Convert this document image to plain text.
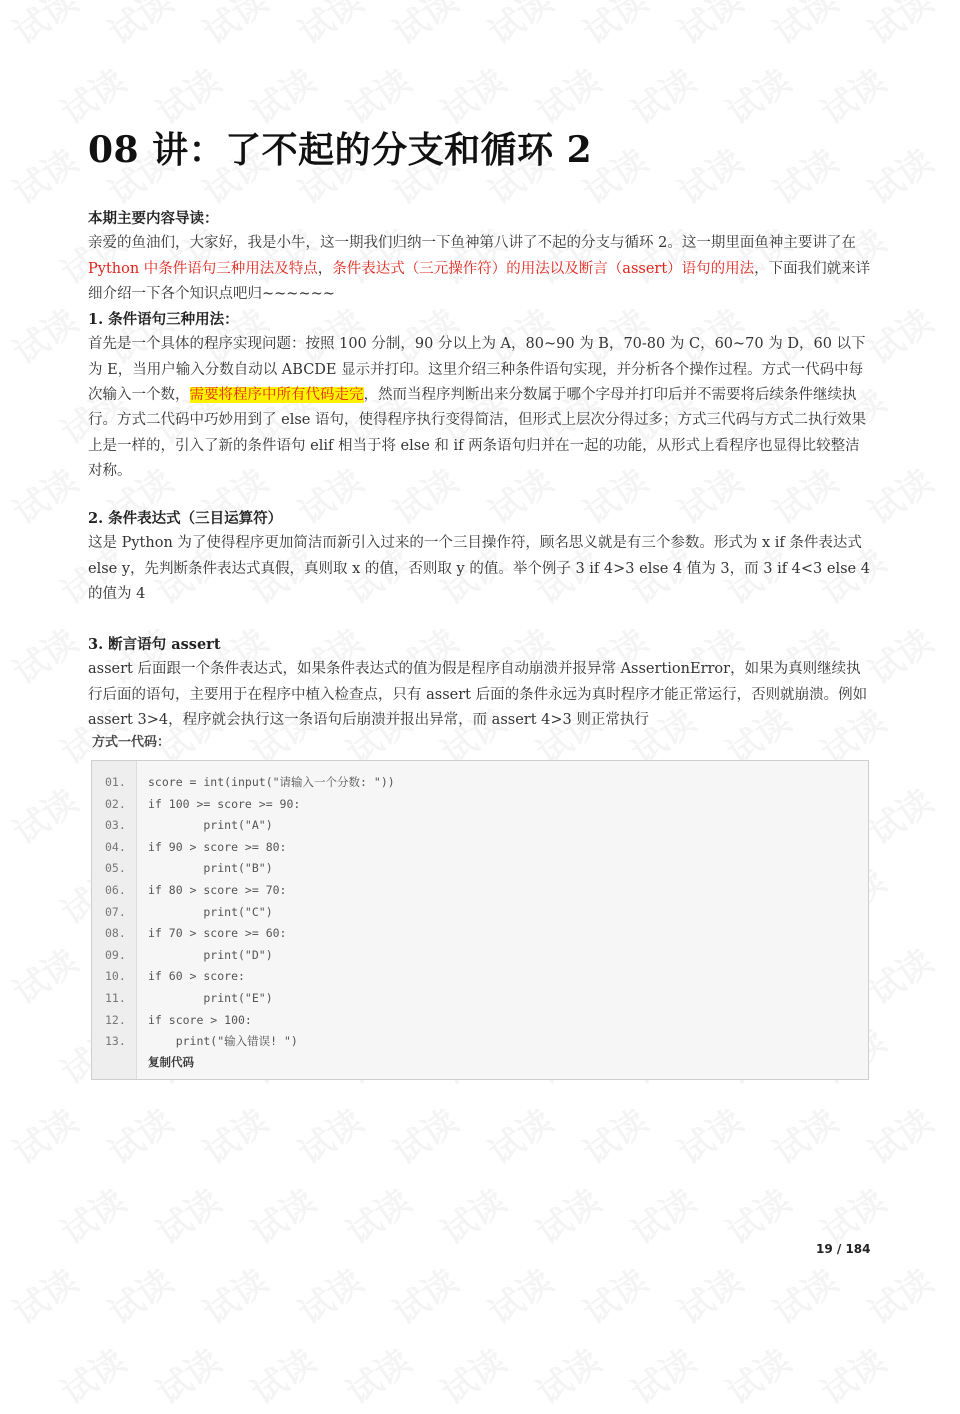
08 讲：了不起的分支和循环 2
本期主要内容导读：
亲爱的鱼油们，大家好，我是小牛，这一期我们归纳一下鱼神第八讲了不起的分支与循环 2。这一期里面鱼神主要讲了在 Python 中条件语句三种用法及特点，条件表达式（三元操作符）的用法以及断言（assert）语句的用法，下面我们就来详细介绍一下各个知识点吧归~~~~~~
1. 条件语句三种用法：
首先是一个具体的程序实现问题：按照 100 分制，90 分以上为 A，80~90 为 B，70-80 为 C，60~70 为 D，60 以下为 E，当用户输入分数自动以 ABCDE 显示并打印。这里介绍三种条件语句实现，并分析各个操作过程。方式一代码中每次输入一个数，需要将程序中所有代码走完，然而当程序判断出来分数属于哪个字母并打印后并不需要将后续条件继续执行。方式二代码中巧妙用到了 else 语句，使得程序执行变得简洁，但形式上层次分得过多；方式三代码与方式二执行效果上是一样的，引入了新的条件语句 elif 相当于将 else 和 if 两条语句归并在一起的功能，从形式上看程序也显得比较整洁对称。
2. 条件表达式（三目运算符）
这是 Python 为了使得程序更加简洁而新引入过来的一个三目操作符，顾名思义就是有三个参数。形式为 x if 条件表达式 else y，先判断条件表达式真假，真则取 x 的值，否则取 y 的值。举个例子 3 if 4>3 else 4 值为 3，而 3 if 4<3 else 4 的值为 4
3. 断言语句 assert
assert 后面跟一个条件表达式，如果条件表达式的值为假是程序自动崩溃并报异常 AssertionError，如果为真则继续执行后面的语句，主要用于在程序中植入检查点，只有 assert 后面的条件永远为真时程序才能正常运行，否则就崩溃。例如 assert 3>4，程序就会执行这一条语句后崩溃并报出异常，而 assert 4>3 则正常执行
方式一代码：
01. score = int(input("请输入一个分数: "))
02. if 100 >= score >= 90:
03. print("A")
04. if 90 > score >= 80:
05. print("B")
06. if 80 > score >= 70:
07. print("C")
08. if 70 > score >= 60:
09. print("D")
10. if 60 > score:
11. print("E")
12. if score > 100:
13. print("输入错误! ")
复制代码
19 / 184
